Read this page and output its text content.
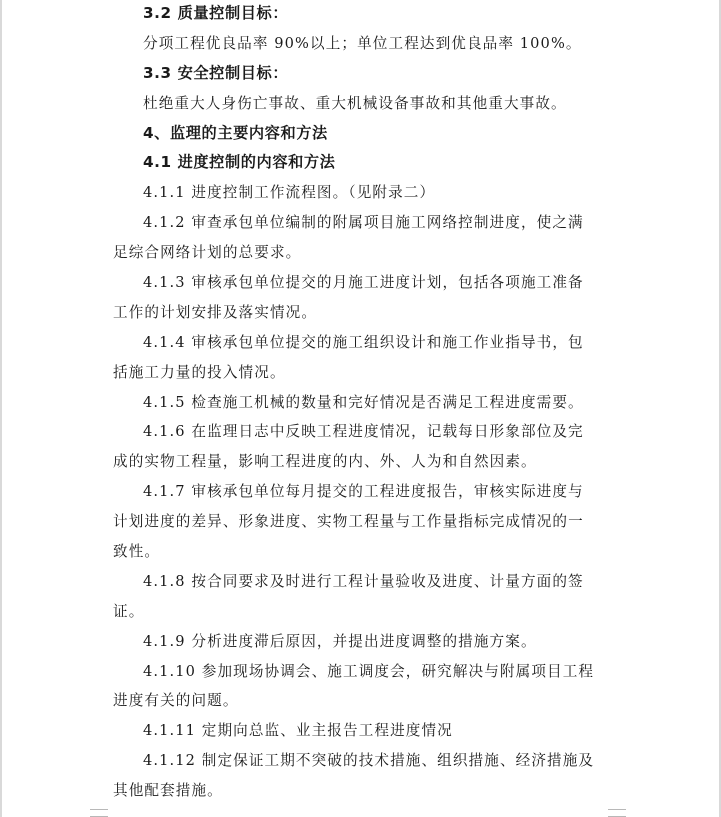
3.2 质量控制目标：
分项工程优良品率 90%以上；单位工程达到优良品率 100%。
3.3 安全控制目标：
杜绝重大人身伤亡事故、重大机械设备事故和其他重大事故。
4、监理的主要内容和方法
4.1 进度控制的内容和方法
4.1.1 进度控制工作流程图。（见附录二）
4.1.2 审查承包单位编制的附属项目施工网络控制进度，使之满
足综合网络计划的总要求。
4.1.3 审核承包单位提交的月施工进度计划，包括各项施工准备
工作的计划安排及落实情况。
4.1.4 审核承包单位提交的施工组织设计和施工作业指导书，包
括施工力量的投入情况。
4.1.5 检查施工机械的数量和完好情况是否满足工程进度需要。
4.1.6 在监理日志中反映工程进度情况，记载每日形象部位及完
成的实物工程量，影响工程进度的内、外、人为和自然因素。
4.1.7 审核承包单位每月提交的工程进度报告，审核实际进度与
计划进度的差异、形象进度、实物工程量与工作量指标完成情况的一
致性。
4.1.8 按合同要求及时进行工程计量验收及进度、计量方面的签
证。
4.1.9 分析进度滞后原因，并提出进度调整的措施方案。
4.1.10 参加现场协调会、施工调度会，研究解决与附属项目工程
进度有关的问题。
4.1.11 定期向总监、业主报告工程进度情况
4.1.12 制定保证工期不突破的技术措施、组织措施、经济措施及
其他配套措施。
